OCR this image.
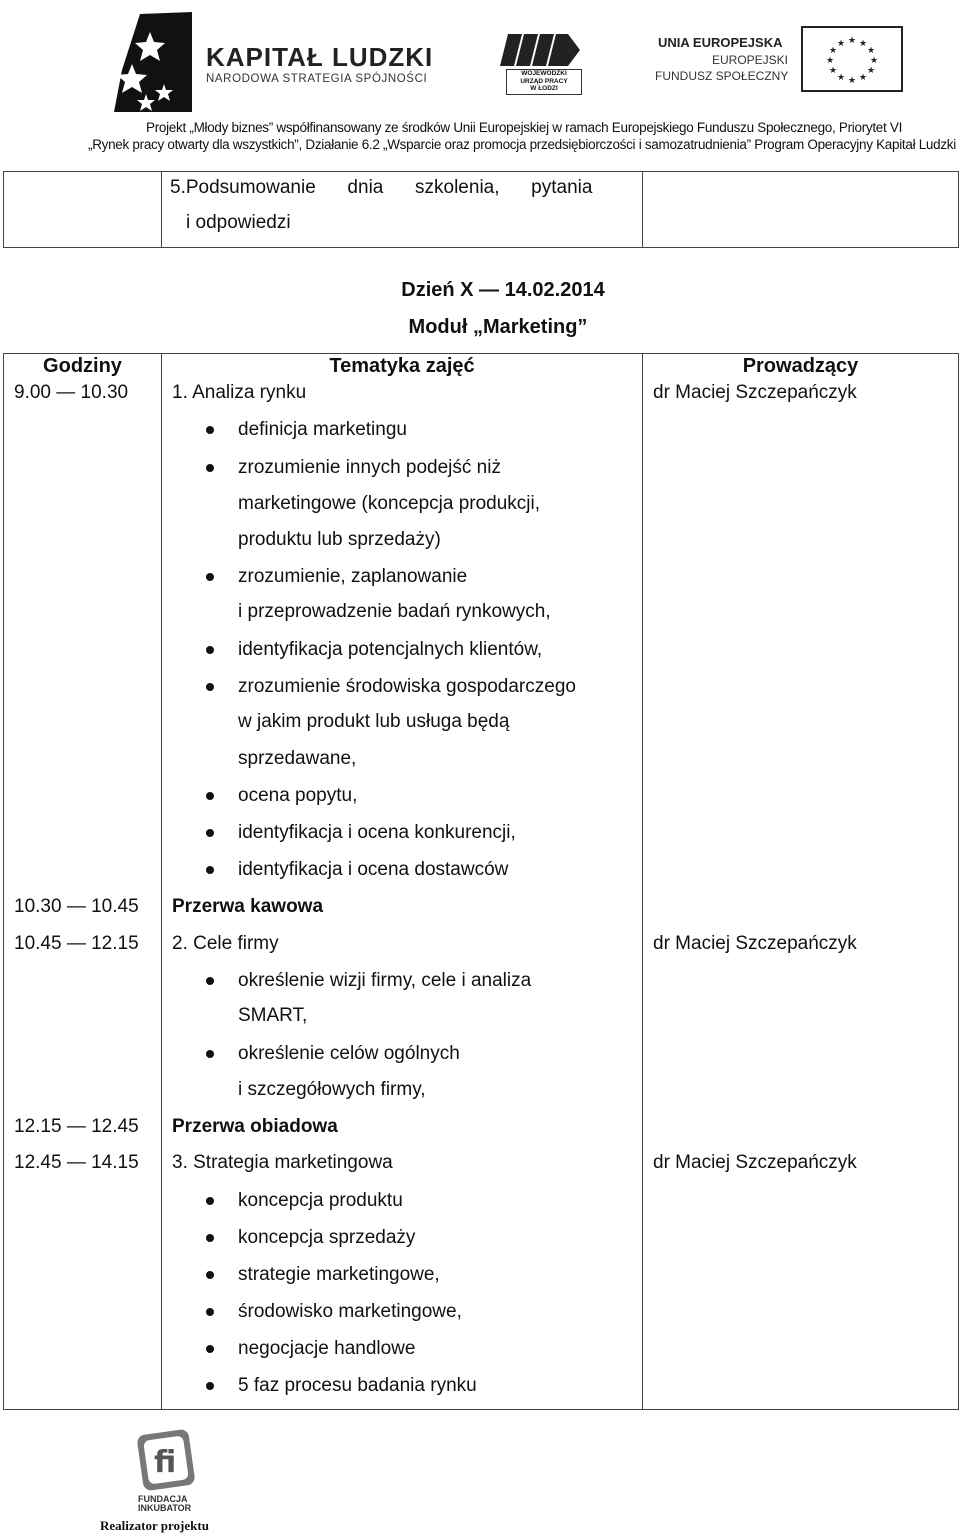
KAPITAŁ LUDZKI
NARODOWA STRATEGIA SPÓJNOŚCI	WOJEWÓDZKI
URZĄD PRACY
W ŁODZI
UNIA EUROPEJSKA
EUROPEJSKI
FUNDUSZ SPOŁECZNY
★ ★
★
★
★
★
★
★
★
★
★
★
Projekt „Młody biznes” współfinansowany ze środków Unii Europejskiej w ramach Europejskiego Funduszu Społecznego, Priorytet VI
„Rynek pracy otwarty dla wszystkich”, Działanie 6.2 „Wsparcie oraz promocja przedsiębiorczości i samozatrudnienia” Program Operacyjny Kapitał Ludzki
5.Podsumowanie      dnia      szkolenia,      pytania
i odpowiedzi
Dzień X — 14.02.2014
Moduł „Marketing”
Godziny	Tematyka zajęć	Prowadzący
9.00 — 10.30 1. Analiza rynku	dr Maciej Szczepańczyk
definicja marketingu
zrozumienie innych podejść niż
marketingowe (koncepcja produkcji,
produktu lub sprzedaży)
zrozumienie, zaplanowanie
i przeprowadzenie badań rynkowych,
identyfikacja potencjalnych klientów,
zrozumienie środowiska gospodarczego
w jakim produkt lub usługa będą
sprzedawane,
ocena popytu,
identyfikacja i ocena konkurencji,
identyfikacja i ocena dostawców
10.30 — 10.45 Przerwa kawowa
10.45 — 12.15 2. Cele firmy	dr Maciej Szczepańczyk
określenie wizji firmy, cele i analiza
SMART,
określenie celów ogólnych
i szczegółowych firmy,
12.15 — 12.45 Przerwa obiadowa
12.45 — 14.15 3. Strategia marketingowa	dr Maciej Szczepańczyk
koncepcja produktu
koncepcja sprzedaży
strategie marketingowe,
środowisko marketingowe,
negocjacje handlowe
5 faz procesu badania rynku
fi
FUNDACJA
INKUBATOR
Realizator projektu
